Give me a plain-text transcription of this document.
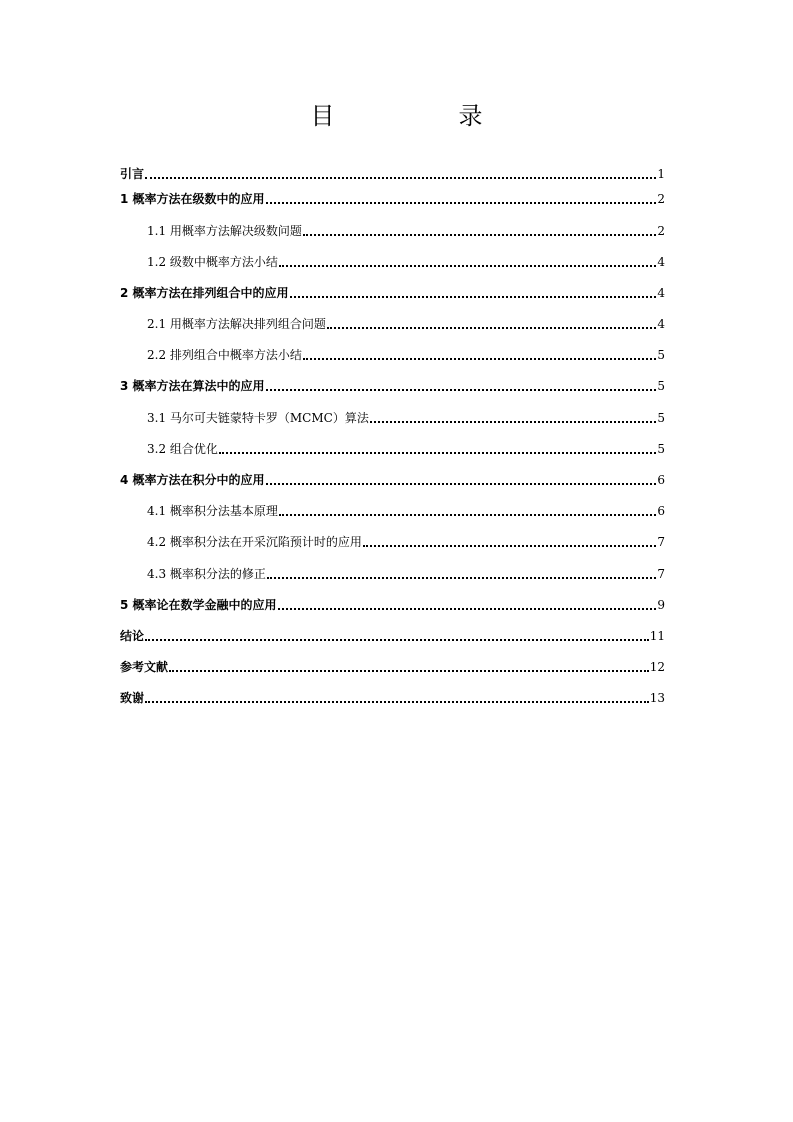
目　录
引言	1
1 概率方法在级数中的应用	2
1.1 用概率方法解决级数问题	2
1.2 级数中概率方法小结	4
2 概率方法在排列组合中的应用	4
2.1 用概率方法解决排列组合问题	4
2.2 排列组合中概率方法小结	5
3 概率方法在算法中的应用	5
3.1 马尔可夫链蒙特卡罗（MCMC）算法	5
3.2 组合优化	5
4 概率方法在积分中的应用	6
4.1 概率积分法基本原理	6
4.2 概率积分法在开采沉陷预计时的应用	7
4.3 概率积分法的修正	7
5 概率论在数学金融中的应用	9
结论	11
参考文献	12
致谢	13
